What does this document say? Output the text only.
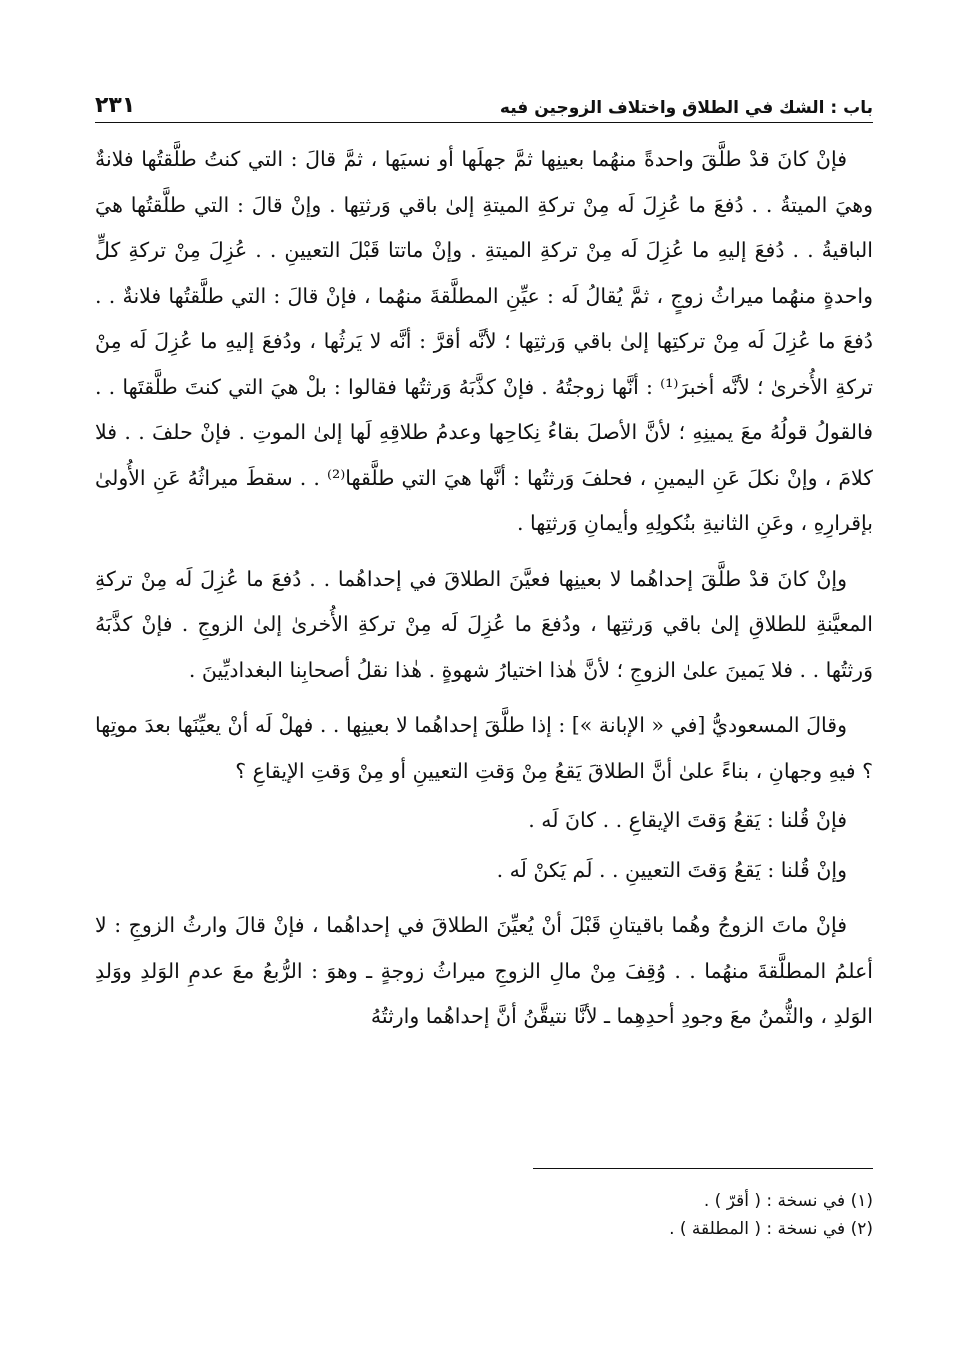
باب : الشك في الطلاق واختلاف الزوجين فيه
٢٣١

فإنْ كانَ قدْ طلَّقَ واحدةً منهُما بعينِها ثمَّ جهلَها أو نسيَها ، ثمَّ قالَ : التي كنتُ طلَّقتُها فلانةٌ وهيَ الميتةُ . . دُفعَ ما عُزِلَ لَه مِنْ تركةِ الميتةِ إلىٰ باقي وَرثتِها . وإنْ قالَ : التي طلَّقتُها هيَ الباقيةُ . . دُفعَ إليهِ ما عُزِلَ لَه مِنْ تركةِ الميتةِ . وإنْ ماتتا قَبْلَ التعيينِ . . عُزِلَ مِنْ تركةِ كلٍّ واحدةٍ منهُما ميراثُ زوجٍ ، ثمَّ يُقالُ لَه : عيِّنِ المطلَّقةَ منهُما ، فإنْ قالَ : التي طلَّقتُها فلانةٌ . . دُفعَ ما عُزِلَ لَه مِنْ تركتِها إلىٰ باقي وَرثتِها ؛ لأنَّه أقرَّ : أنَّه لا يَرثُها ، ودُفعَ إليهِ ما عُزِلَ لَه مِنْ تركةِ الأُخرىٰ ؛ لأنَّه أخبرَ⁽¹⁾ : أنَّها زوجتُهُ . فإنْ كذَّبَهُ وَرثتُها فقالوا : بلْ هيَ التي كنتَ طلَّقتَها . . فالقولُ قولُهُ معَ يمينِهِ ؛ لأنَّ الأصلَ بقاءُ نِكاحِها وعدمُ طلاقِهِ لَها إلىٰ الموتِ . فإنْ حلفَ . . فلا كلامَ ، وإنْ نكلَ عَنِ اليمينِ ، فحلفَ وَرثتُها : أنَّها هيَ التي طلَّقها⁽²⁾ . . سقطَ ميراثُهُ عَنِ الأُولىٰ بإقرارِهِ ، وعَنِ الثانيةِ بنُكولِهِ وأيمانِ وَرثتِها .

وإنْ كانَ قدْ طلَّقَ إحداهُما لا بعينِها فعيَّنَ الطلاقَ في إحداهُما . . دُفعَ ما عُزِلَ لَه مِنْ تركةِ المعيَّنةِ للطلاقِ إلىٰ باقي وَرثتِها ، ودُفعَ ما عُزِلَ لَه مِنْ تركةِ الأُخرىٰ إلىٰ الزوجِ . فإنْ كذَّبَهُ وَرثتُها . . فلا يَمينَ علىٰ الزوجِ ؛ لأنَّ هٰذا اختيارُ شهوةٍ . هٰذا نقلُ أصحابِنا البغداديِّينَ .

وقالَ المسعوديُّ [في « الإبانة »] : إذا طلَّقَ إحداهُما لا بعينِها . . فهلْ لَه أنْ يعيِّنَها بعدَ موتِها ؟ فيهِ وجهانِ ، بناءً علىٰ أنَّ الطلاقَ يَقعُ مِنْ وَقتِ التعيينِ أو مِنْ وَقتِ الإيقاعِ ؟

فإنْ قُلنا : يَقعُ وَقتَ الإيقاعِ . . كانَ لَه .

وإنْ قُلنا : يَقعُ وَقتَ التعيينِ . . لَم يَكنْ لَه .

فإنْ ماتَ الزوجُ وهُما باقيتانِ قَبْلَ أنْ يُعيِّنَ الطلاقَ في إحداهُما ، فإنْ قالَ وارثُ الزوجِ : لا أعلمُ المطلَّقةَ منهُما . . وُقِفَ مِنْ مالِ الزوجِ ميراثُ زوجةٍ ـ وهوَ : الرُّبعُ معَ عدمِ الوَلدِ ووَلدِ الوَلدِ ، والثُّمنُ معَ وجودِ أحدِهِما ـ لأنَّا نتيقَّنُ أنَّ إحداهُما وارثتُهُ

(١) في نسخة : ( أقرّ ) .

(٢) في نسخة : ( المطلقة ) .
